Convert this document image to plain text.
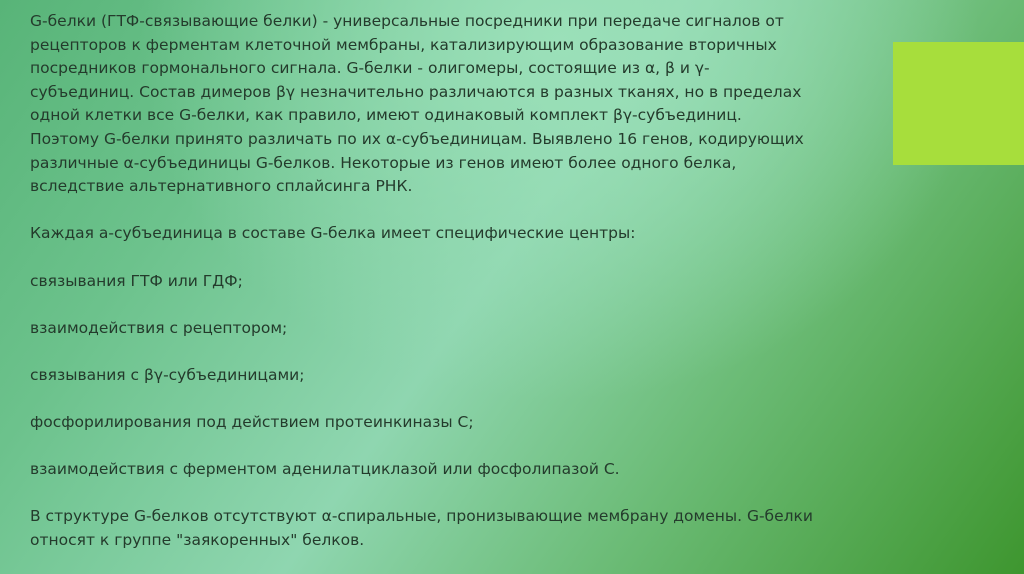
G-белки (ГТФ-связывающие белки) - универсальные посредники при передаче сигналов от
рецепторов к ферментам клеточной мембраны, катализирующим образование вторичных
посредников гормонального сигнала. G-белки - олигомеры, состоящие из α, β и γ-
субъединиц. Состав димеров βγ незначительно различаются в разных тканях, но в пределах
одной клетки все G-белки, как правило, имеют одинаковый комплект βγ-субъединиц.
Поэтому G-белки принято различать по их α-субъединицам. Выявлено 16 генов, кодирующих
различные α-субъединицы G-белков. Некоторые из генов имеют более одного белка,
вследствие альтернативного сплайсинга РНК.

Каждая а-субъединица в составе G-белка имеет специфические центры:

связывания ГТФ или ГДФ;

взаимодействия с рецептором;

связывания с βγ-субъединицами;

фосфорилирования под действием протеинкиназы С;

взаимодействия с ферментом аденилатциклазой или фосфолипазой С.

В структуре G-белков отсутствуют α-спиральные, пронизывающие мембрану домены. G-белки
относят к группе "заякоренных" белков.
